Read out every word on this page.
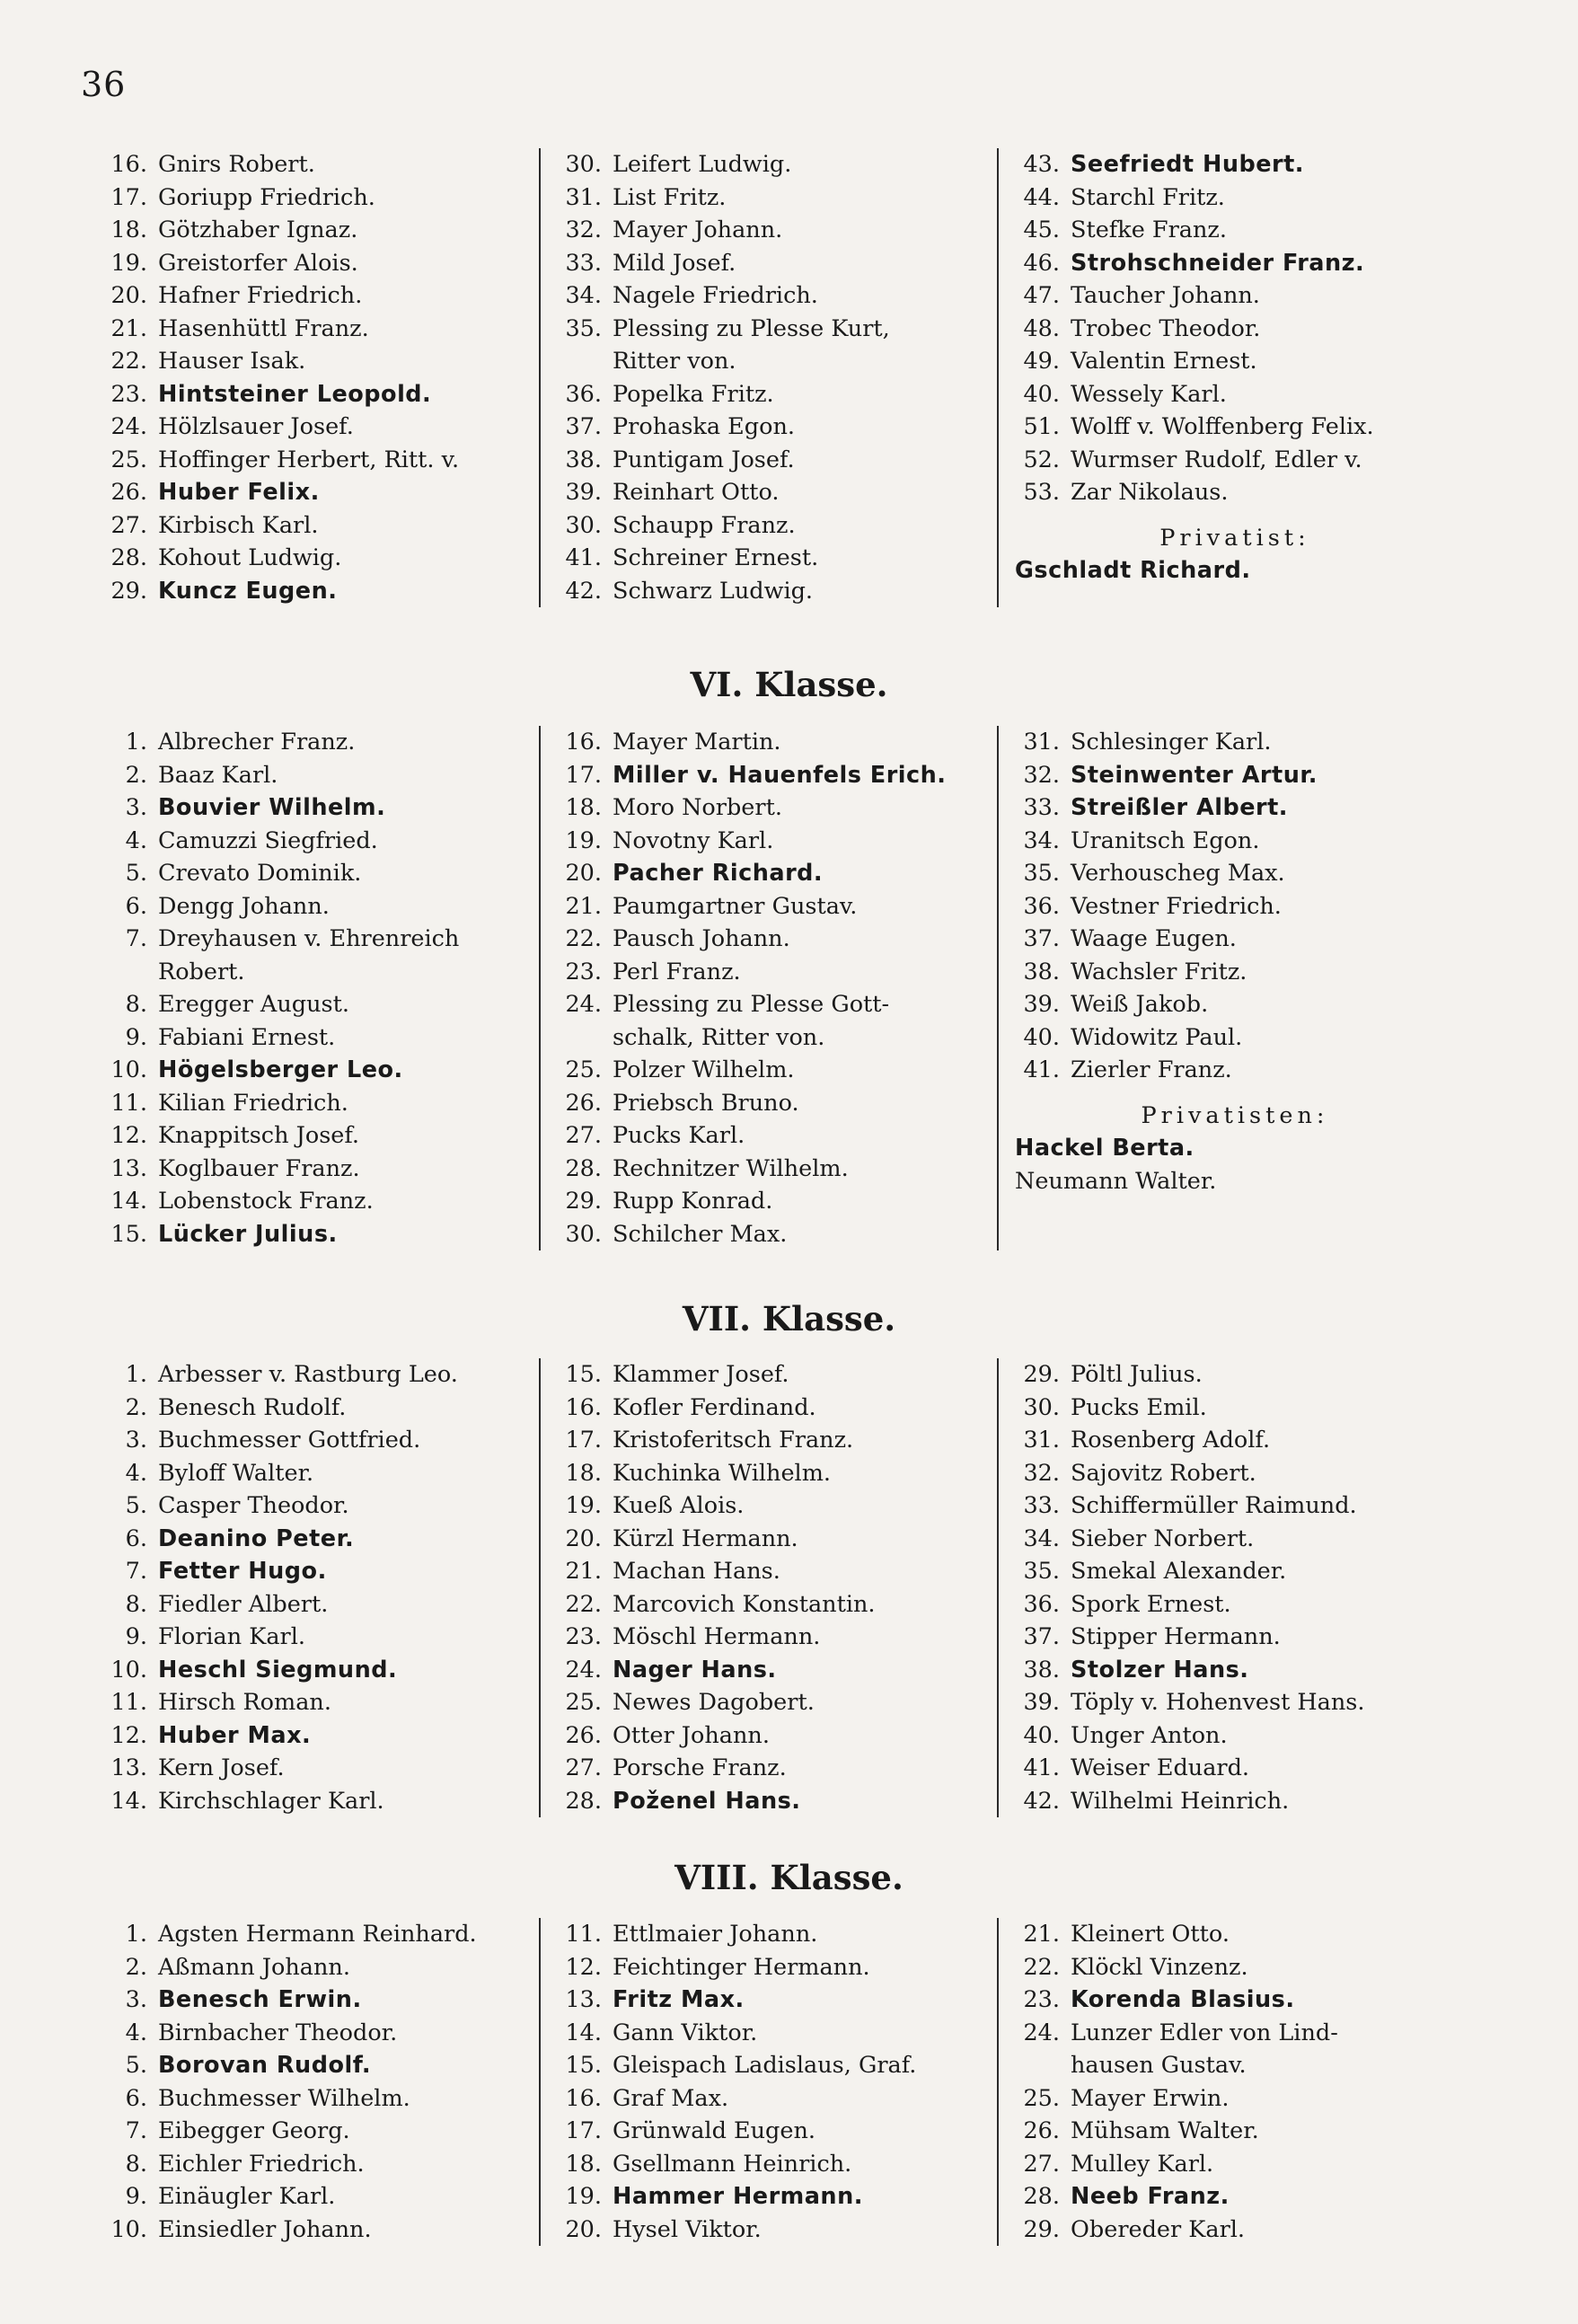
36
16. Gnirs Robert.
17. Goriupp Friedrich.
18. Götzhaber Ignaz.
19. Greistorfer Alois.
20. Hafner Friedrich.
21. Hasenhüttl Franz.
22. Hauser Isak.
23. Hintsteiner Leopold.
24. Hölzlsauer Josef.
25. Hoffinger Herbert, Ritt. v.
26. Huber Felix.
27. Kirbisch Karl.
28. Kohout Ludwig.
29. Kuncz Eugen.
30. Leifert Ludwig.
31. List Fritz.
32. Mayer Johann.
33. Mild Josef.
34. Nagele Friedrich.
35. Plessing zu Plesse Kurt,
Ritter von.
36. Popelka Fritz.
37. Prohaska Egon.
38. Puntigam Josef.
39. Reinhart Otto.
30. Schaupp Franz.
41. Schreiner Ernest.
42. Schwarz Ludwig.
43. Seefriedt Hubert.
44. Starchl Fritz.
45. Stefke Franz.
46. Strohschneider Franz.
47. Taucher Johann.
48. Trobec Theodor.
49. Valentin Ernest.
40. Wessely Karl.
51. Wolff v. Wolffenberg Felix.
52. Wurmser Rudolf, Edler v.
53. Zar Nikolaus.
Privatist:
Gschladt Richard.
VI. Klasse.
1. Albrecher Franz.
2. Baaz Karl.
3. Bouvier Wilhelm.
4. Camuzzi Siegfried.
5. Crevato Dominik.
6. Dengg Johann.
7. Dreyhausen v. Ehrenreich
Robert.
8. Eregger August.
9. Fabiani Ernest.
10. Högelsberger Leo.
11. Kilian Friedrich.
12. Knappitsch Josef.
13. Koglbauer Franz.
14. Lobenstock Franz.
15. Lücker Julius.
16. Mayer Martin.
17. Miller v. Hauenfels Erich.
18. Moro Norbert.
19. Novotny Karl.
20. Pacher Richard.
21. Paumgartner Gustav.
22. Pausch Johann.
23. Perl Franz.
24. Plessing zu Plesse Gott-
schalk, Ritter von.
25. Polzer Wilhelm.
26. Priebsch Bruno.
27. Pucks Karl.
28. Rechnitzer Wilhelm.
29. Rupp Konrad.
30. Schilcher Max.
31. Schlesinger Karl.
32. Steinwenter Artur.
33. Streißler Albert.
34. Uranitsch Egon.
35. Verhouscheg Max.
36. Vestner Friedrich.
37. Waage Eugen.
38. Wachsler Fritz.
39. Weiß Jakob.
40. Widowitz Paul.
41. Zierler Franz.
Privatisten:
Hackel Berta.
Neumann Walter.
VII. Klasse.
1. Arbesser v. Rastburg Leo.
2. Benesch Rudolf.
3. Buchmesser Gottfried.
4. Byloff Walter.
5. Casper Theodor.
6. Deanino Peter.
7. Fetter Hugo.
8. Fiedler Albert.
9. Florian Karl.
10. Heschl Siegmund.
11. Hirsch Roman.
12. Huber Max.
13. Kern Josef.
14. Kirchschlager Karl.
15. Klammer Josef.
16. Kofler Ferdinand.
17. Kristoferitsch Franz.
18. Kuchinka Wilhelm.
19. Kueß Alois.
20. Kürzl Hermann.
21. Machan Hans.
22. Marcovich Konstantin.
23. Möschl Hermann.
24. Nager Hans.
25. Newes Dagobert.
26. Otter Johann.
27. Porsche Franz.
28. Poženel Hans.
29. Pöltl Julius.
30. Pucks Emil.
31. Rosenberg Adolf.
32. Sajovitz Robert.
33. Schiffermüller Raimund.
34. Sieber Norbert.
35. Smekal Alexander.
36. Spork Ernest.
37. Stipper Hermann.
38. Stolzer Hans.
39. Töply v. Hohenvest Hans.
40. Unger Anton.
41. Weiser Eduard.
42. Wilhelmi Heinrich.
VIII. Klasse.
1. Agsten Hermann Reinhard.
2. Aßmann Johann.
3. Benesch Erwin.
4. Birnbacher Theodor.
5. Borovan Rudolf.
6. Buchmesser Wilhelm.
7. Eibegger Georg.
8. Eichler Friedrich.
9. Einäugler Karl.
10. Einsiedler Johann.
11. Ettlmaier Johann.
12. Feichtinger Hermann.
13. Fritz Max.
14. Gann Viktor.
15. Gleispach Ladislaus, Graf.
16. Graf Max.
17. Grünwald Eugen.
18. Gsellmann Heinrich.
19. Hammer Hermann.
20. Hysel Viktor.
21. Kleinert Otto.
22. Klöckl Vinzenz.
23. Korenda Blasius.
24. Lunzer Edler von Lind-
hausen Gustav.
25. Mayer Erwin.
26. Mühsam Walter.
27. Mulley Karl.
28. Neeb Franz.
29. Obereder Karl.
